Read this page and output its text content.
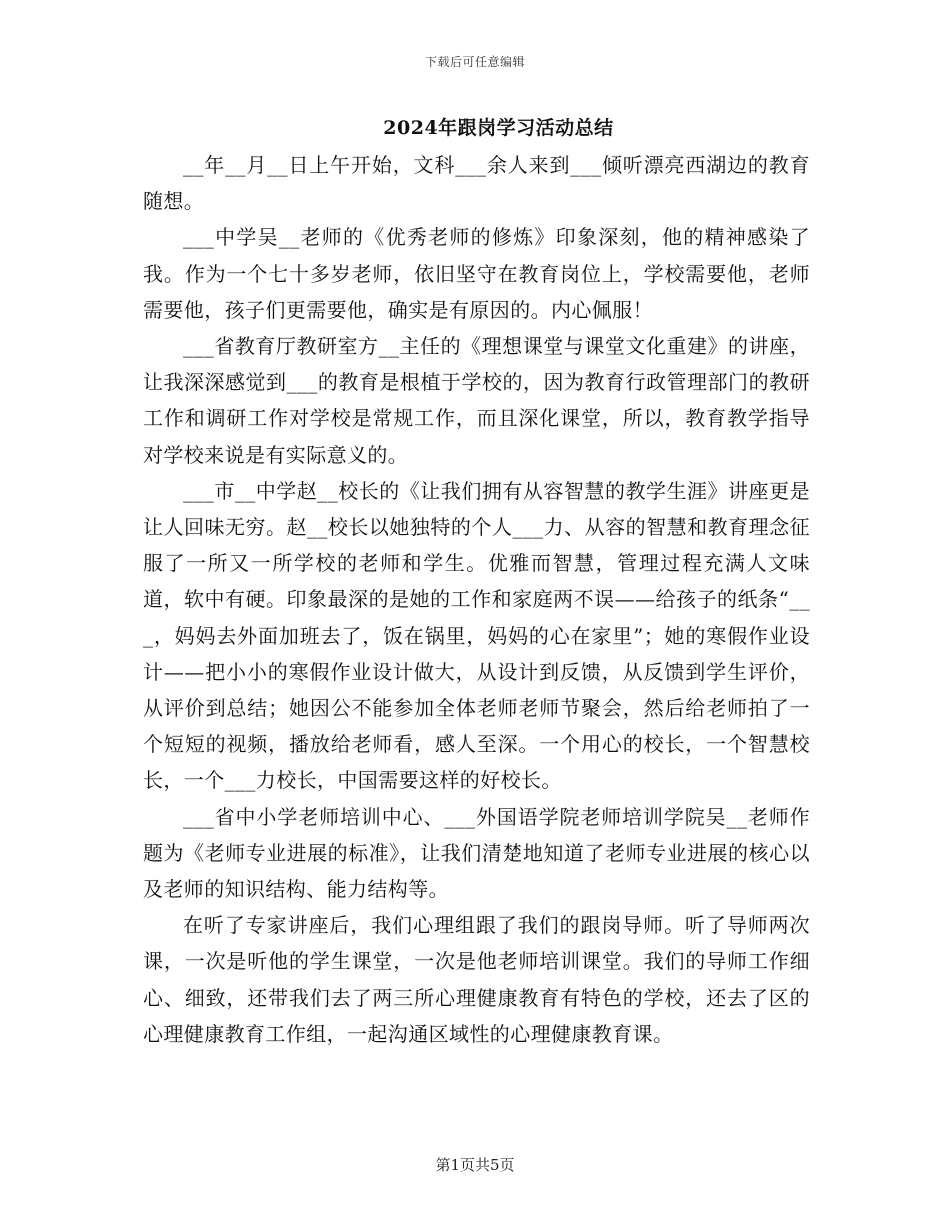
下载后可任意编辑
2024年跟岗学习活动总结

__年__月__日上午开始，文科___余人来到___倾听漂亮西湖边的教育随想。

___中学吴__老师的《优秀老师的修炼》印象深刻，他的精神感染了我。作为一个七十多岁老师，依旧坚守在教育岗位上，学校需要他，老师需要他，孩子们更需要他，确实是有原因的。内心佩服！

___省教育厅教研室方__主任的《理想课堂与课堂文化重建》的讲座，让我深深感觉到___的教育是根植于学校的，因为教育行政管理部门的教研工作和调研工作对学校是常规工作，而且深化课堂，所以，教育教学指导对学校来说是有实际意义的。

___市__中学赵__校长的《让我们拥有从容智慧的教学生涯》讲座更是让人回味无穷。赵__校长以她独特的个人___力、从容的智慧和教育理念征服了一所又一所学校的老师和学生。优雅而智慧，管理过程充满人文味道，软中有硬。印象最深的是她的工作和家庭两不误——给孩子的纸条“___，妈妈去外面加班去了，饭在锅里，妈妈的心在家里”；她的寒假作业设计——把小小的寒假作业设计做大，从设计到反馈，从反馈到学生评价，从评价到总结；她因公不能参加全体老师老师节聚会，然后给老师拍了一个短短的视频，播放给老师看，感人至深。一个用心的校长，一个智慧校长，一个___力校长，中国需要这样的好校长。

___省中小学老师培训中心、___外国语学院老师培训学院吴__老师作题为《老师专业进展的标准》，让我们清楚地知道了老师专业进展的核心以及老师的知识结构、能力结构等。

在听了专家讲座后，我们心理组跟了我们的跟岗导师。听了导师两次课，一次是听他的学生课堂，一次是他老师培训课堂。我们的导师工作细心、细致，还带我们去了两三所心理健康教育有特色的学校，还去了区的心理健康教育工作组，一起沟通区域性的心理健康教育课。

第1页共5页
